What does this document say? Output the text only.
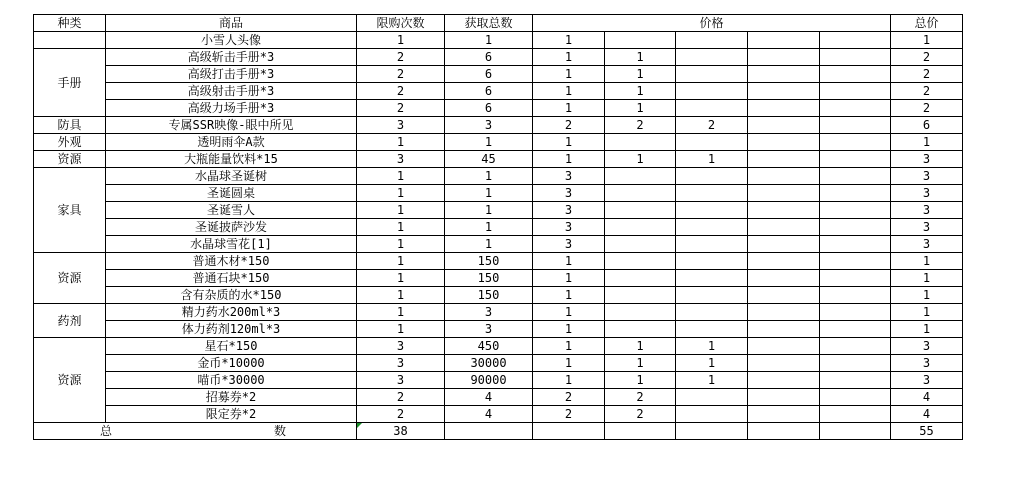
种类	商品	限购次数	获取总数	价格					总价
	小雪人头像	1	1	1					1
手册	高级斩击手册*3	2	6	1	1				2
	高级打击手册*3	2	6	1	1				2
	高级射击手册*3	2	6	1	1				2
	高级力场手册*3	2	6	1	1				2
防具	专属SSR映像-眼中所见	3	3	2	2	2			6
外观	透明雨伞A款	1	1	1					1
资源	大瓶能量饮料*15	3	45	1	1	1			3
家具	水晶球圣诞树	1	1	3					3
	圣诞圆桌	1	1	3					3
	圣诞雪人	1	1	3					3
	圣诞披萨沙发	1	1	3					3
	水晶球雪花[1]	1	1	3					3
资源	普通木材*150	1	150	1					1
	普通石块*150	1	150	1					1
	含有杂质的水*150	1	150	1					1
药剂	精力药水200ml*3	1	3	1					1
	体力药剂120ml*3	1	3	1					1
资源	星石*150	3	450	1	1	1			3
	金币*10000	3	30000	1	1	1			3
	喵币*30000	3	90000	1	1	1			3
	招募券*2	2	4	2	2				4
	限定券*2	2	4	2	2				4

总 数		38							55
